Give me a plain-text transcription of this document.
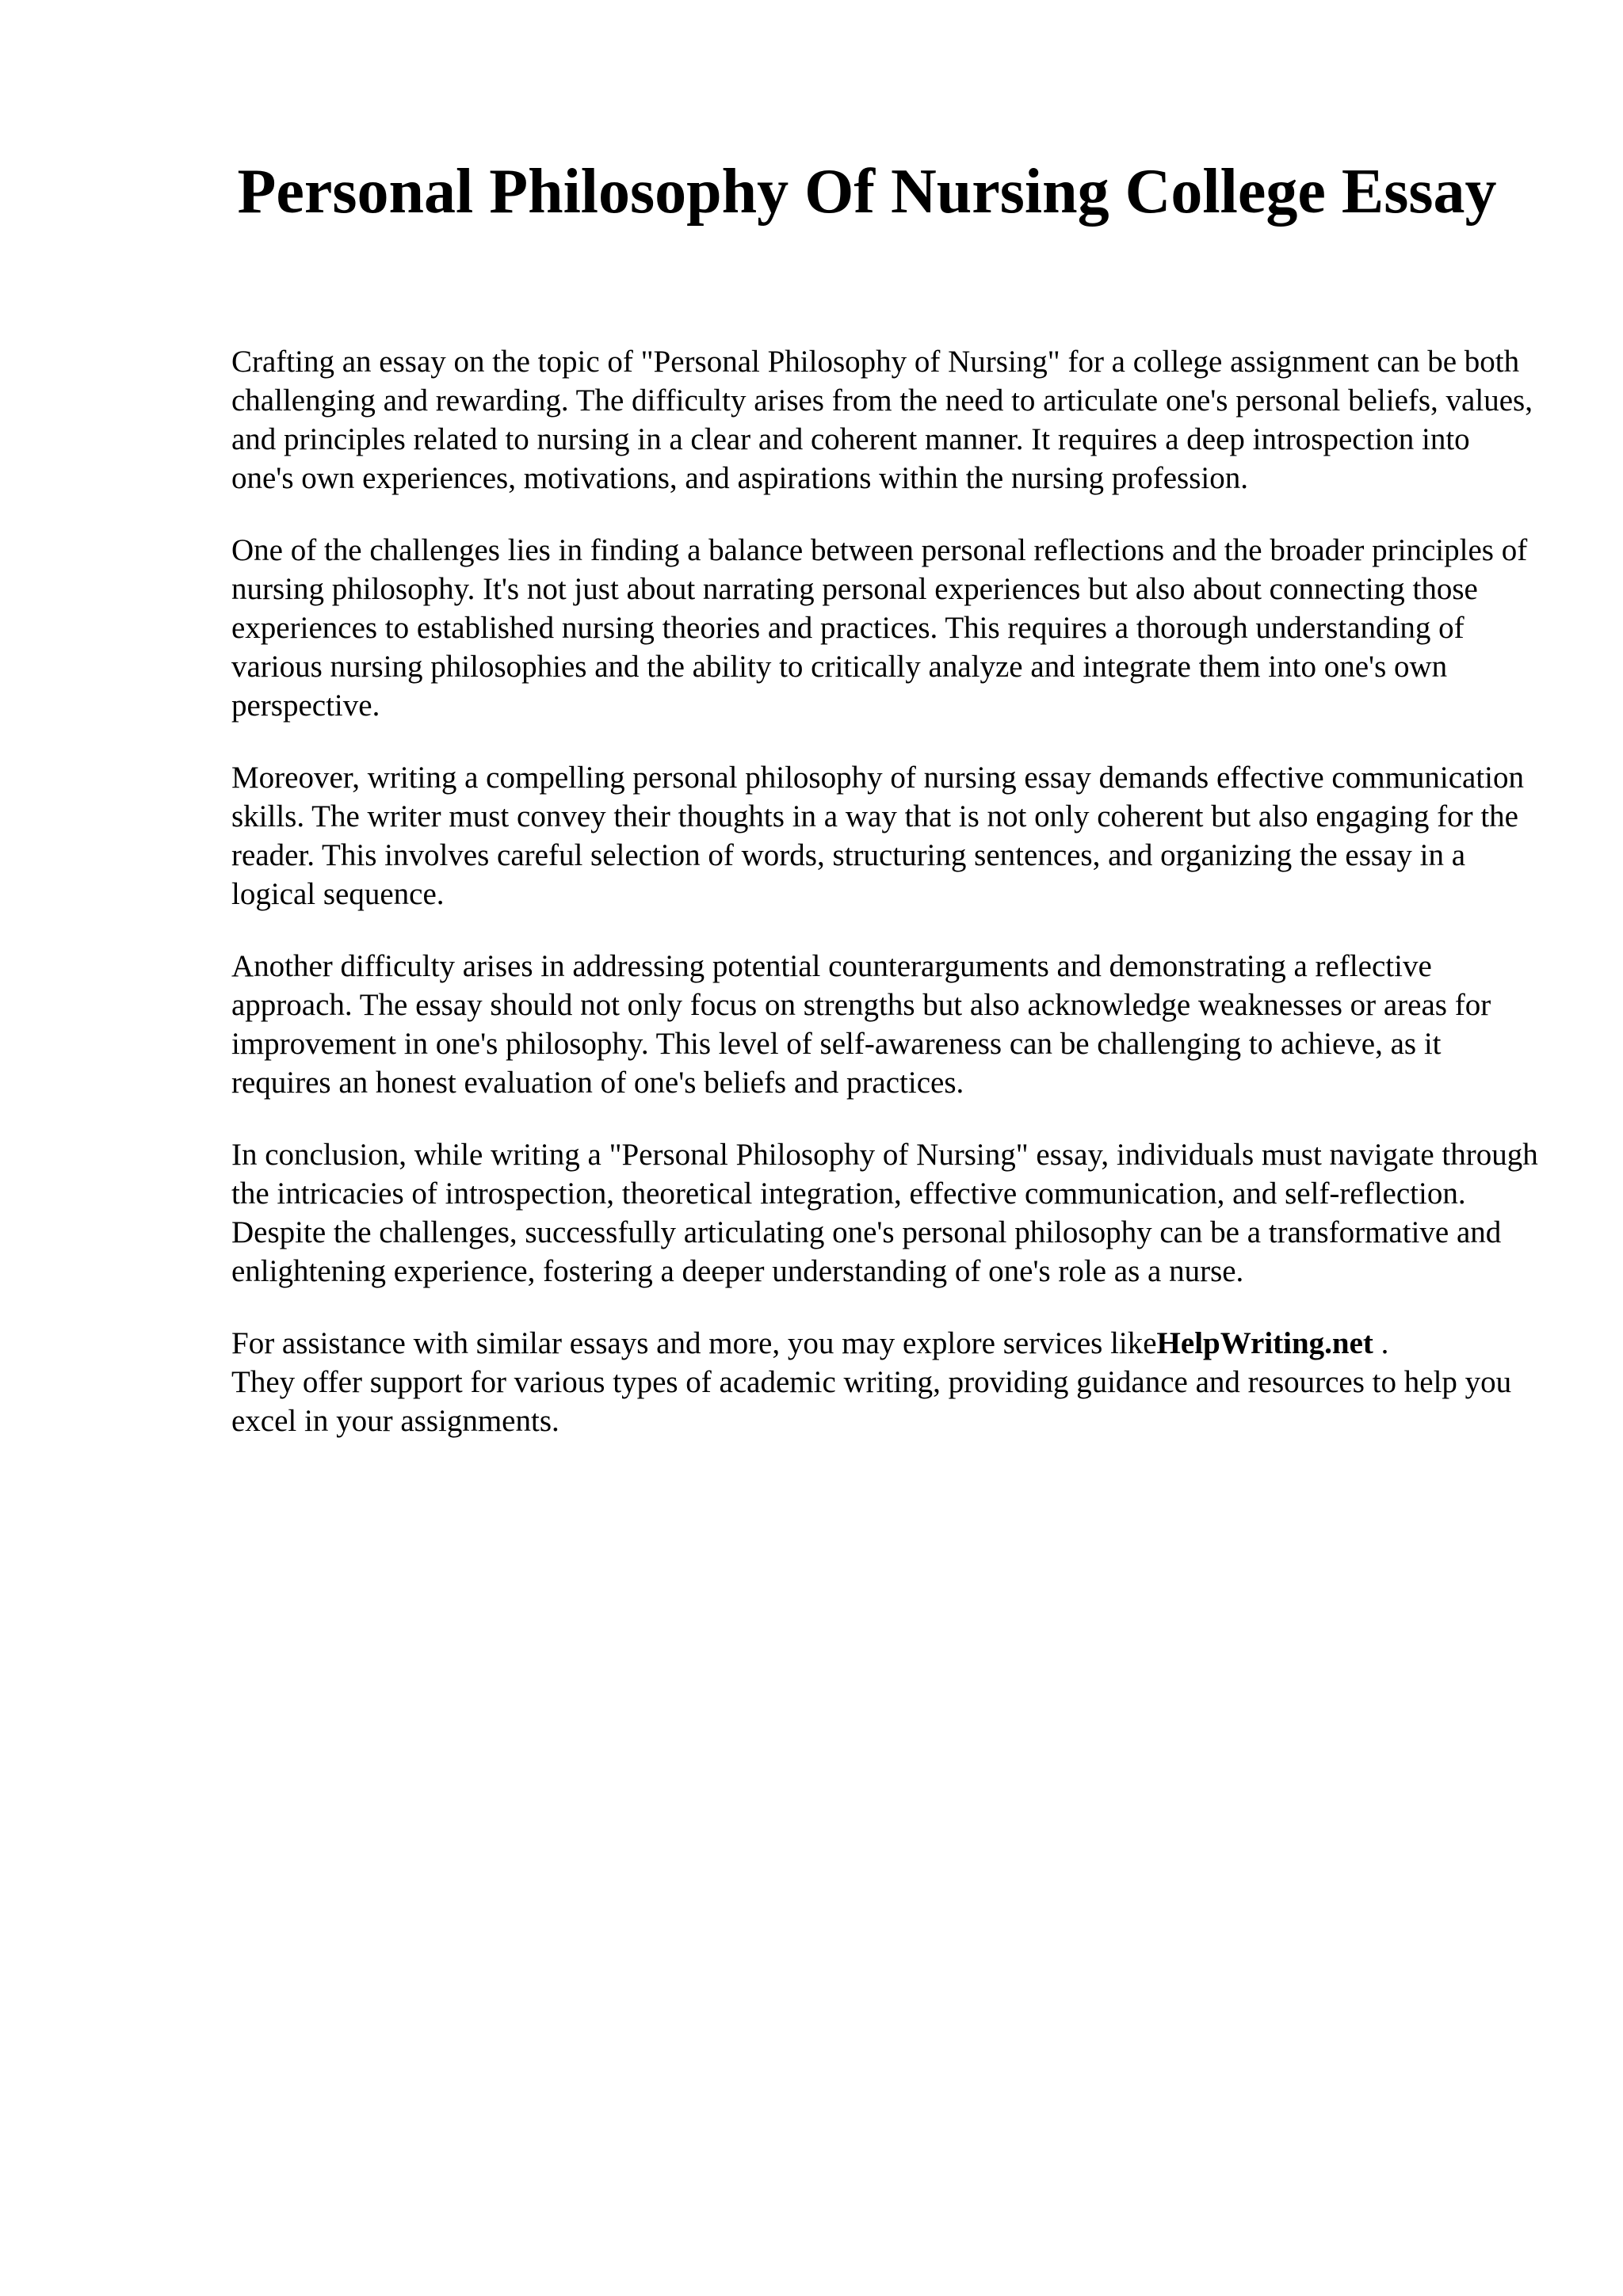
Personal Philosophy Of Nursing College Essay

Crafting an essay on the topic of "Personal Philosophy of Nursing" for a college assignment can be both challenging and rewarding. The difficulty arises from the need to articulate one's personal beliefs, values, and principles related to nursing in a clear and coherent manner. It requires a deep introspection into one's own experiences, motivations, and aspirations within the nursing profession.

One of the challenges lies in finding a balance between personal reflections and the broader principles of nursing philosophy. It's not just about narrating personal experiences but also about connecting those experiences to established nursing theories and practices. This requires a thorough understanding of various nursing philosophies and the ability to critically analyze and integrate them into one's own perspective.

Moreover, writing a compelling personal philosophy of nursing essay demands effective communication skills. The writer must convey their thoughts in a way that is not only coherent but also engaging for the reader. This involves careful selection of words, structuring sentences, and organizing the essay in a logical sequence.

Another difficulty arises in addressing potential counterarguments and demonstrating a reflective approach. The essay should not only focus on strengths but also acknowledge weaknesses or areas for improvement in one's philosophy. This level of self-awareness can be challenging to achieve, as it requires an honest evaluation of one's beliefs and practices.

In conclusion, while writing a "Personal Philosophy of Nursing" essay, individuals must navigate through the intricacies of introspection, theoretical integration, effective communication, and self-reflection. Despite the challenges, successfully articulating one's personal philosophy can be a transformative and enlightening experience, fostering a deeper understanding of one's role as a nurse.

For assistance with similar essays and more, you may explore services likeHelpWriting.net .
They offer support for various types of academic writing, providing guidance and resources to help you excel in your assignments.
